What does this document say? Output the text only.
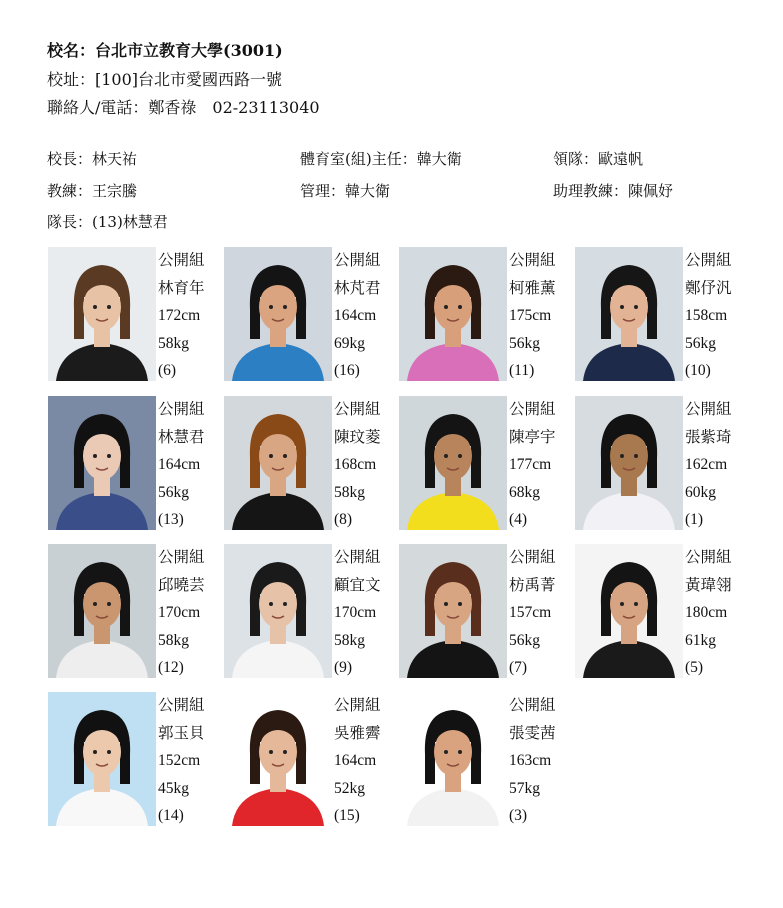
校名：台北市立教育大學(3001)
校址：[100]台北市愛國西路一號
聯絡人/電話：鄭香祿　02-23113040
校長：林天祐	體育室(組)主任：韓大衛	領隊：歐遠帆
教練：王宗騰	管理：韓大衛	助理教練：陳佩妤
隊長：(13)林慧君
公開組
林育年
172cm
58kg
(6)
公開組
林芃君
164cm
69kg
(16)
公開組
柯雅薰
175cm
56kg
(11)
公開組
鄭伃汎
158cm
56kg
(10)
公開組
林慧君
164cm
56kg
(13)
公開組
陳玟菱
168cm
58kg
(8)
公開組
陳亭宇
177cm
68kg
(4)
公開組
張紫琦
162cm
60kg
(1)
公開組
邱曉芸
170cm
58kg
(12)
公開組
顧宜文
170cm
58kg
(9)
公開組
枋禹菁
157cm
56kg
(7)
公開組
黃瑋翎
180cm
61kg
(5)
公開組
郭玉貝
152cm
45kg
(14)
公開組
吳雅霽
164cm
52kg
(15)
公開組
張雯茜
163cm
57kg
(3)
